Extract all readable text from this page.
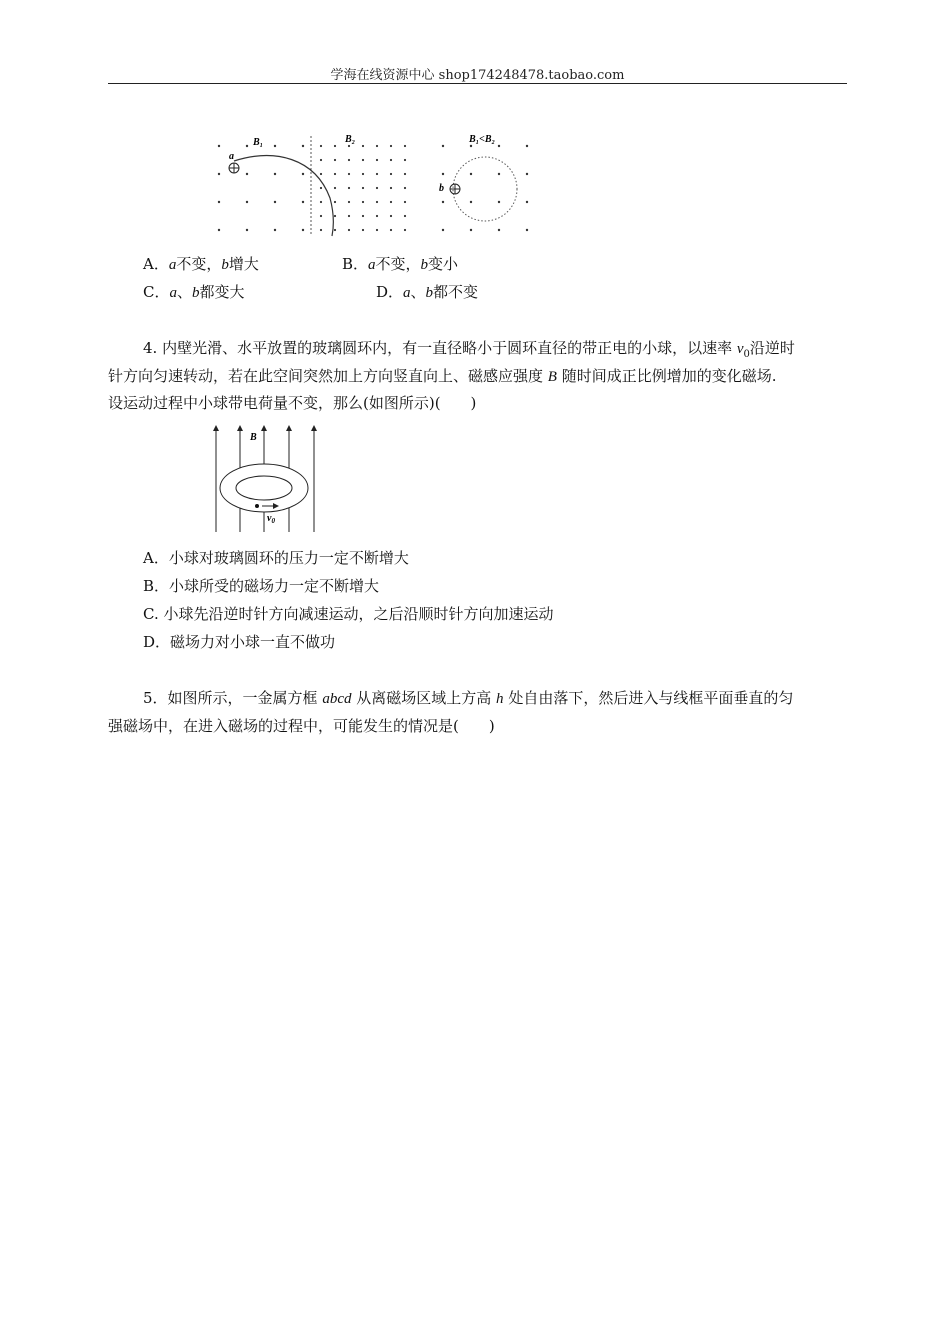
学海在线资源中心 shop174248478.taobao.com
a
B₁	B₂
b
B₁<B₂
A．a不变，b增大	B．a不变，b变小
C．a、b都变大	D．a、b都不变
4. 内壁光滑、水平放置的玻璃圆环内，有一直径略小于圆环直径的带正电的小球，以速率 $v_0$沿逆时
针方向匀速转动，若在此空间突然加上方向竖直向上、磁感应强度 B 随时间成正比例增加的变化磁场.
设运动过程中小球带电荷量不变，那么(如图所示)(　　)
B
$v_0$
A．小球对玻璃圆环的压力一定不断增大
B．小球所受的磁场力一定不断增大
C. 小球先沿逆时针方向减速运动，之后沿顺时针方向加速运动
D．磁场力对小球一直不做功
5．如图所示，一金属方框 abcd 从离磁场区域上方高 h 处自由落下，然后进入与线框平面垂直的匀
强磁场中，在进入磁场的过程中，可能发生的情况是(　　)
